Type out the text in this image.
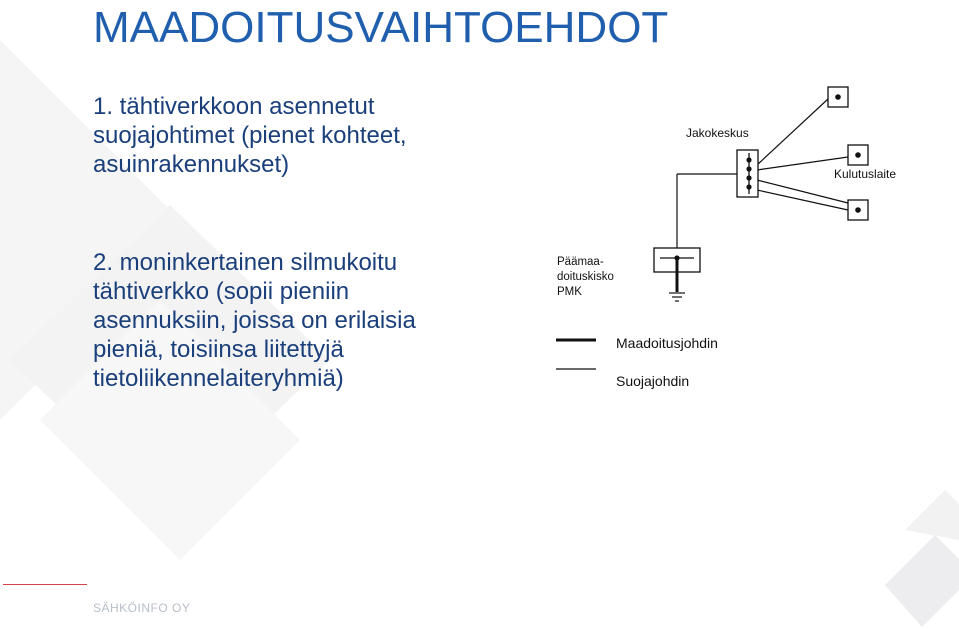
MAADOITUSVAIHTOEHDOT
1. tähtiverkkoon asennetut
suojajohtimet (pienet kohteet,
asuinrakennukset)
2. moninkertainen silmukoitu
tähtiverkko (sopii pieniin
asennuksiin, joissa on erilaisia
pieniä, toisiinsa liitettyjä
tietoliikennelaiteryhmiä)
Jakokeskus
Kulutuslaite
Päämaa- doituskisko PMK
Maadoitusjohdin
Suojajohdin
SÄHKÖINFO OY
